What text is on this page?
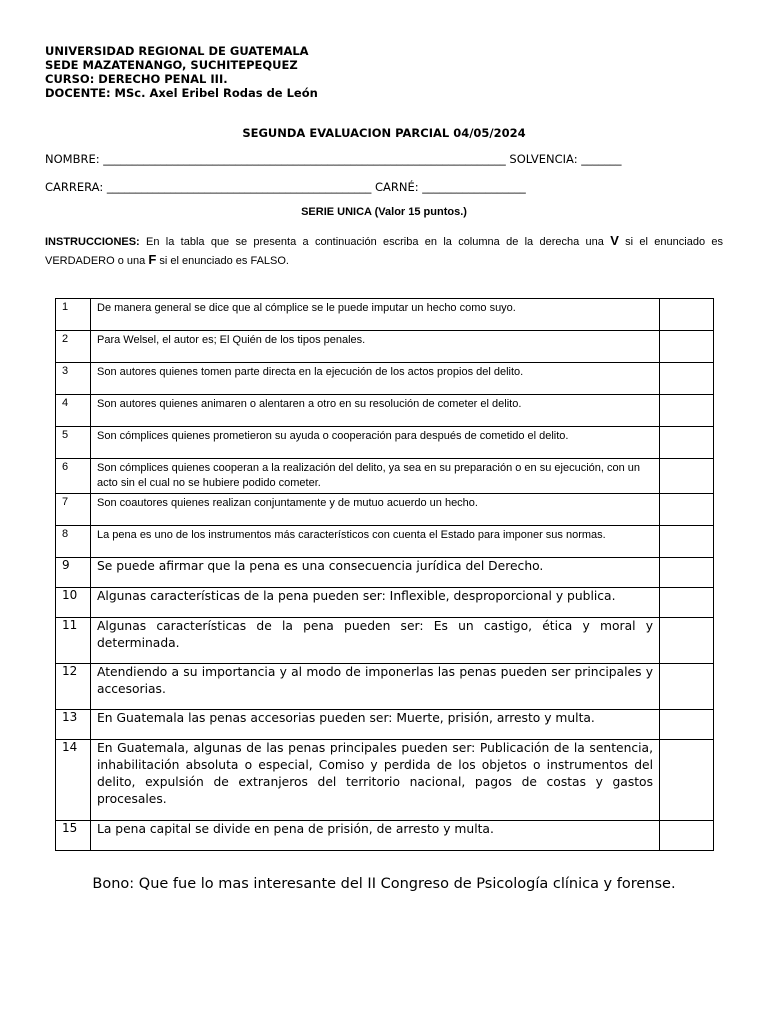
UNIVERSIDAD REGIONAL DE GUATEMALA
SEDE MAZATENANGO, SUCHITEPEQUEZ
CURSO: DERECHO PENAL III.
DOCENTE: MSc. Axel Eribel Rodas de León
SEGUNDA EVALUACION PARCIAL 04/05/2024
NOMBRE: ______________________________________________________________________ SOLVENCIA: _______
CARRERA: ______________________________________________ CARNÉ: __________________
SERIE UNICA (Valor 15 puntos.)
INSTRUCCIONES: En la tabla que se presenta a continuación escriba en la columna de la derecha una V si el enunciado es VERDADERO o una F si el enunciado es FALSO.
1	De manera general se dice que al cómplice se le puede imputar un hecho como suyo.	
2	Para Welsel, el autor es; El Quién de los tipos penales.	
3	Son autores quienes tomen parte directa en la ejecución de los actos propios del delito.	
4	Son autores quienes animaren o alentaren a otro en su resolución de cometer el delito.	
5	Son cómplices quienes prometieron su ayuda o cooperación para después de cometido el delito.	
6	Son cómplices quienes cooperan a la realización del delito, ya sea en su preparación o en su ejecución, con un acto sin el cual no se hubiere podido cometer.	
7	Son coautores quienes realizan conjuntamente y de mutuo acuerdo un hecho.	
8	La pena es uno de los instrumentos más característicos con cuenta el Estado para imponer sus normas.	
9	Se puede afirmar que la pena es una consecuencia jurídica del Derecho.	
10	Algunas características de la pena pueden ser: Inflexible, desproporcional y publica.	
11	Algunas características de la pena pueden ser: Es un castigo, ética y moral y determinada.	
12	Atendiendo a su importancia y al modo de imponerlas las penas pueden ser principales y accesorias.	
13	En Guatemala las penas accesorias pueden ser: Muerte, prisión, arresto y multa.	
14	En Guatemala, algunas de las penas principales pueden ser: Publicación de la sentencia, inhabilitación absoluta o especial, Comiso y perdida de los objetos o instrumentos del delito, expulsión de extranjeros del territorio nacional, pagos de costas y gastos procesales.	
15	La pena capital se divide en pena de prisión, de arresto y multa.	
Bono: Que fue lo mas interesante del II Congreso de Psicología clínica y forense.
